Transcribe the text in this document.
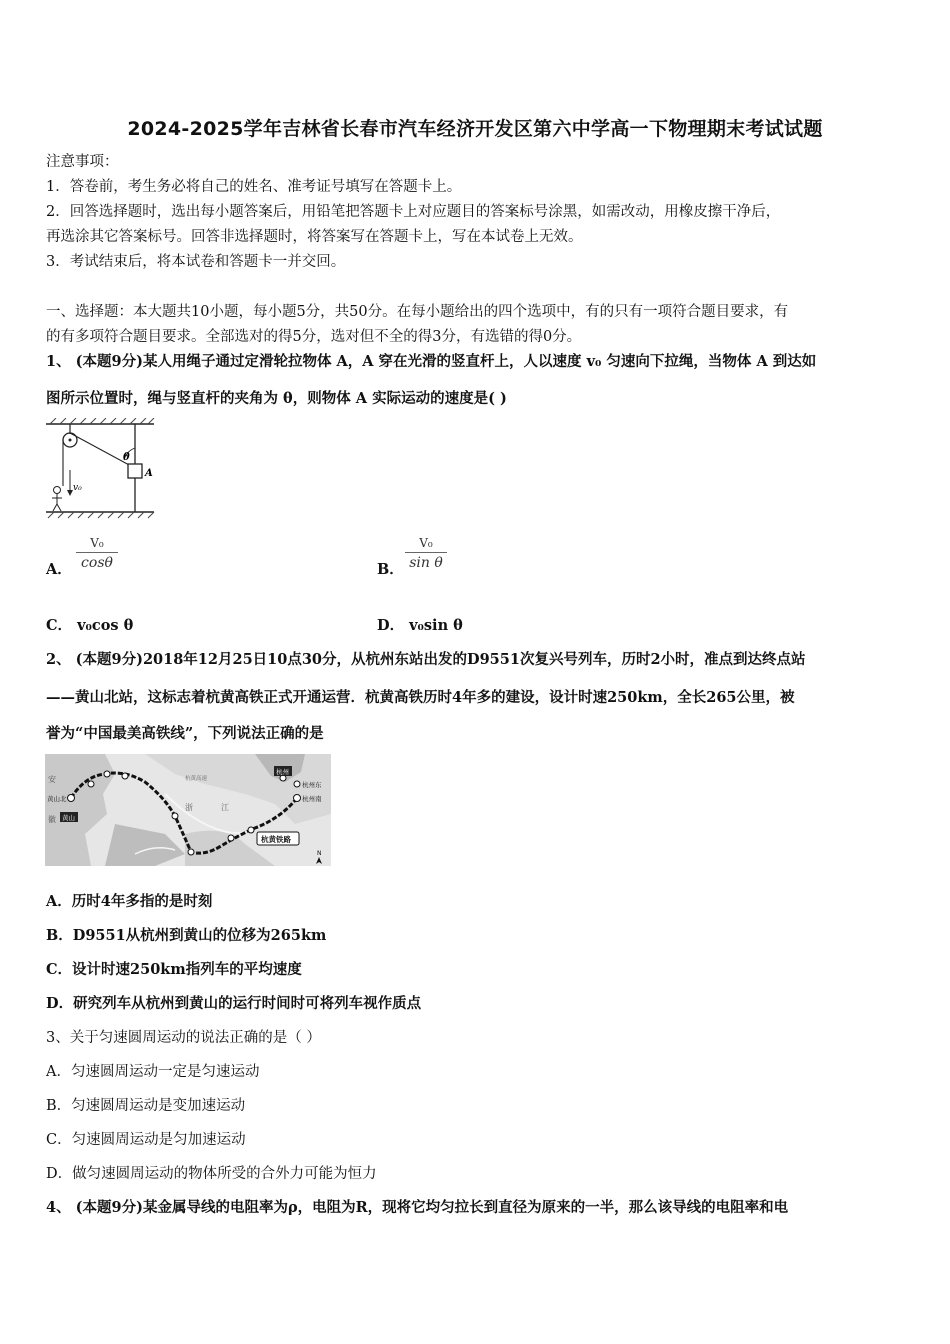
2024-2025学年吉林省长春市汽车经济开发区第六中学高一下物理期末考试试题
注意事项：
1．答卷前，考生务必将自己的姓名、准考证号填写在答题卡上。
2．回答选择题时，选出每小题答案后，用铅笔把答题卡上对应题目的答案标号涂黑，如需改动，用橡皮擦干净后，
再选涂其它答案标号。回答非选择题时，将答案写在答题卡上，写在本试卷上无效。
3．考试结束后，将本试卷和答题卡一并交回。
一、选择题：本大题共10小题，每小题5分，共50分。在每小题给出的四个选项中，有的只有一项符合题目要求，有
的有多项符合题目要求。全部选对的得5分，选对但不全的得3分，有选错的得0分。
1、 (本题9分)某人用绳子通过定滑轮拉物体 A，A 穿在光滑的竖直杆上，人以速度 v₀ 匀速向下拉绳，当物体 A 到达如
图所示位置时，绳与竖直杆的夹角为 θ，则物体 A 实际运动的速度是( )
θ
A
v₀
A．
V₀
cosθ	B．
V₀
sin θ
C． v₀cos θ	D． v₀sin θ
2、 (本题9分)2018年12月25日10点30分，从杭州东站出发的D9551次复兴号列车，历时2小时，准点到达终点站
——黄山北站，这标志着杭黄高铁正式开通运营．杭黄高铁历时4年多的建设，设计时速250km，全长265公里，被
誉为“中国最美高铁线”，下列说法正确的是
安
徽
黄山北
黄山
杭州
杭州东
杭州南
杭黄高速
浙	江
杭黄铁路
N
A．历时4年多指的是时刻
B．D9551从杭州到黄山的位移为265km
C．设计时速250km指列车的平均速度
D．研究列车从杭州到黄山的运行时间时可将列车视作质点
3、关于匀速圆周运动的说法正确的是（ ）
A．匀速圆周运动一定是匀速运动
B．匀速圆周运动是变加速运动
C．匀速圆周运动是匀加速运动
D．做匀速圆周运动的物体所受的合外力可能为恒力
4、 (本题9分)某金属导线的电阻率为ρ，电阻为R，现将它均匀拉长到直径为原来的一半，那么该导线的电阻率和电
